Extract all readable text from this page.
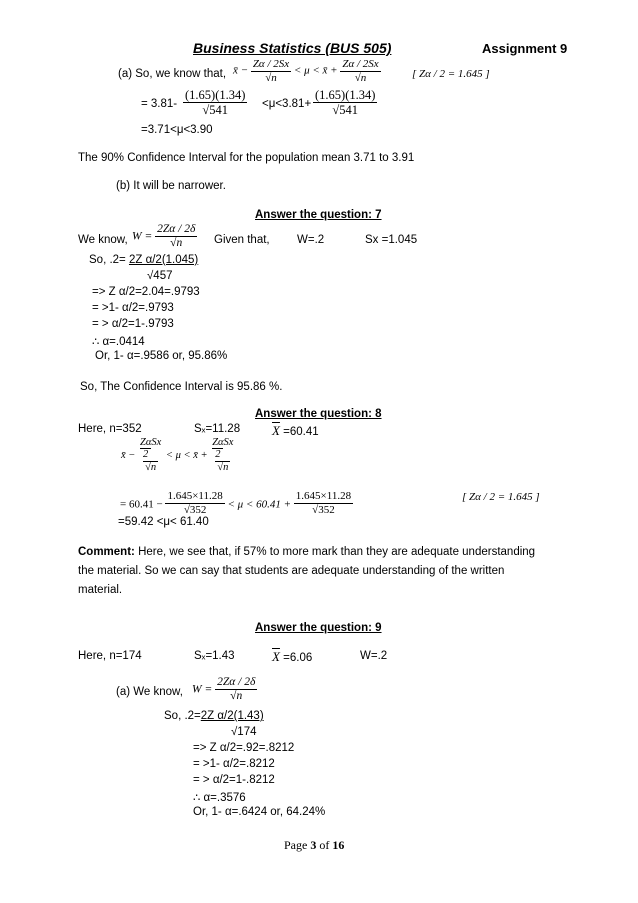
Business Statistics (BUS 505)	Assignment 9
(a) So, we know that, x̄ − $\frac{Z\alpha / 2Sx}{√n} < \mu$ < x̄ + $\frac{Z\alpha / 2Sx}{√n}$	[ Zα / 2 = 1.645 ]
= $3.81- \frac{(1.65)(1.34)}{√541} <\mu<3.81+ \frac{(1.65)(1.34)}{√541}$
=3.71<μ<3.90
The 90% Confidence Interval for the population mean 3.71 to 3.91
(b) It will be narrower.
Answer the question: 7
We know, $W = \frac{2Z\alpha / 2\delta}{√n}$ Given that, W=.2	Sx =1.045
So, .2= 2Z α/2(1.045)
√457
=> Z α/2=2.04=.9793
= >1- α/2=.9793
= > α/2=1-.9793
∴ α=.0414
Or, 1- α=.9586 or, 95.86%
So, The Confidence Interval is 95.86 %.
Answer the question: 8
Here, n=352	Sₓ=11.28 $\overline{X} =60.41$
x̄ −
ZαSx
2
√n
< μ < x̄ +
ZαSx
2
√n
= $60.41 - \frac{1.645\times 11.28}{√352} < \mu < 60.41 + \frac{1.645\times 11.28}{√352}$	[ Zα / 2 = 1.645 ]
=59.42 <μ< 61.40
Comment: Here, we see that, if 57% to more mark than they are adequate understanding the material. So we can say that students are adequate understanding of the written material.
Answer the question: 9
Here, n=174	Sₓ=1.43	$\overline{X} =6.06$	W=.2
(a) We know, $W = \frac{2Z\alpha / 2\delta}{√n}$
So, .2=2Z α/2(1.43)
√174
=> Z α/2=.92=.8212
= >1- α/2=.8212
= > α/2=1-.8212
∴ α=.3576
Or, 1- α=.6424 or, 64.24%
Page 3 of 16
